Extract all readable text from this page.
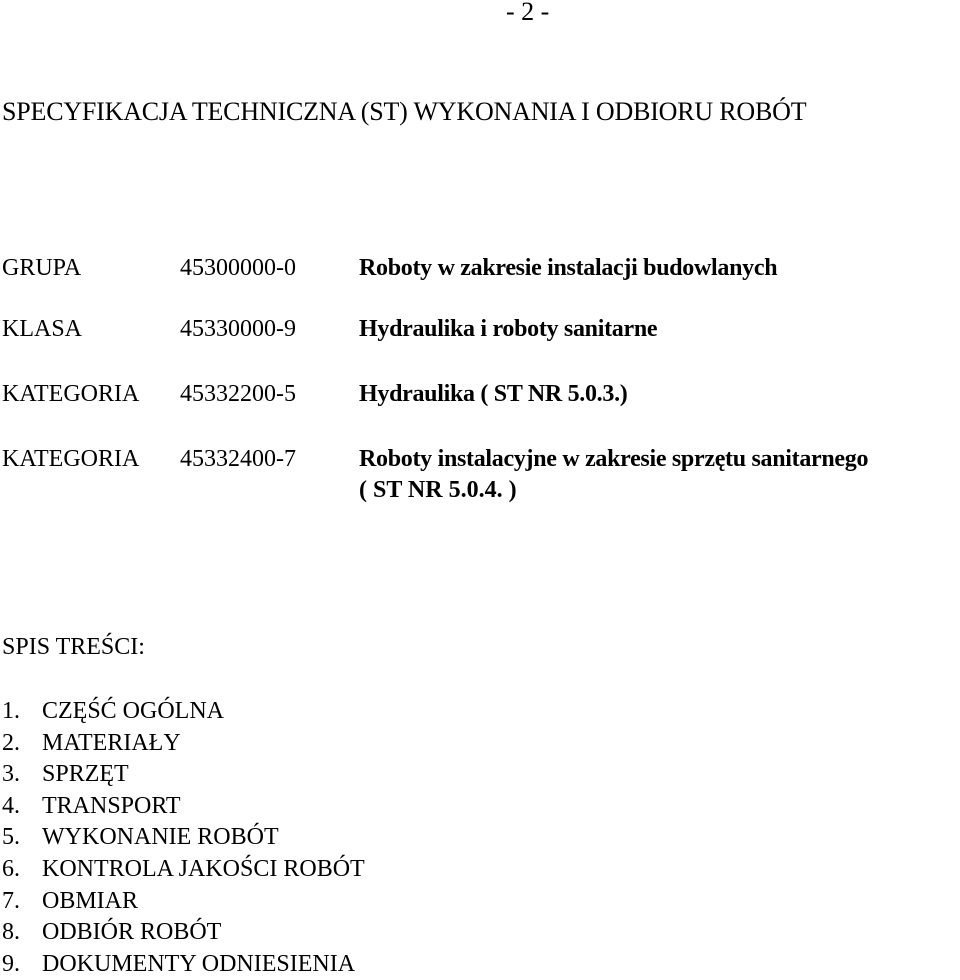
- 2 -
SPECYFIKACJA TECHNICZNA (ST) WYKONANIA I ODBIORU ROBÓT
GRUPA	45300000-0	Roboty w zakresie instalacji budowlanych
KLASA	45330000-9	Hydraulika i roboty sanitarne
KATEGORIA 45332200-5	Hydraulika ( ST NR 5.0.3.)
KATEGORIA 45332400-7	Roboty instalacyjne w zakresie sprzętu sanitarnego
( ST NR 5.0.4. )
SPIS TREŚCI:
1. CZĘŚĆ OGÓLNA
2. MATERIAŁY
3. SPRZĘT
4. TRANSPORT
5. WYKONANIE ROBÓT
6. KONTROLA JAKOŚCI ROBÓT
7. OBMIAR
8. ODBIÓR ROBÓT
9. DOKUMENTY ODNIESIENIA
